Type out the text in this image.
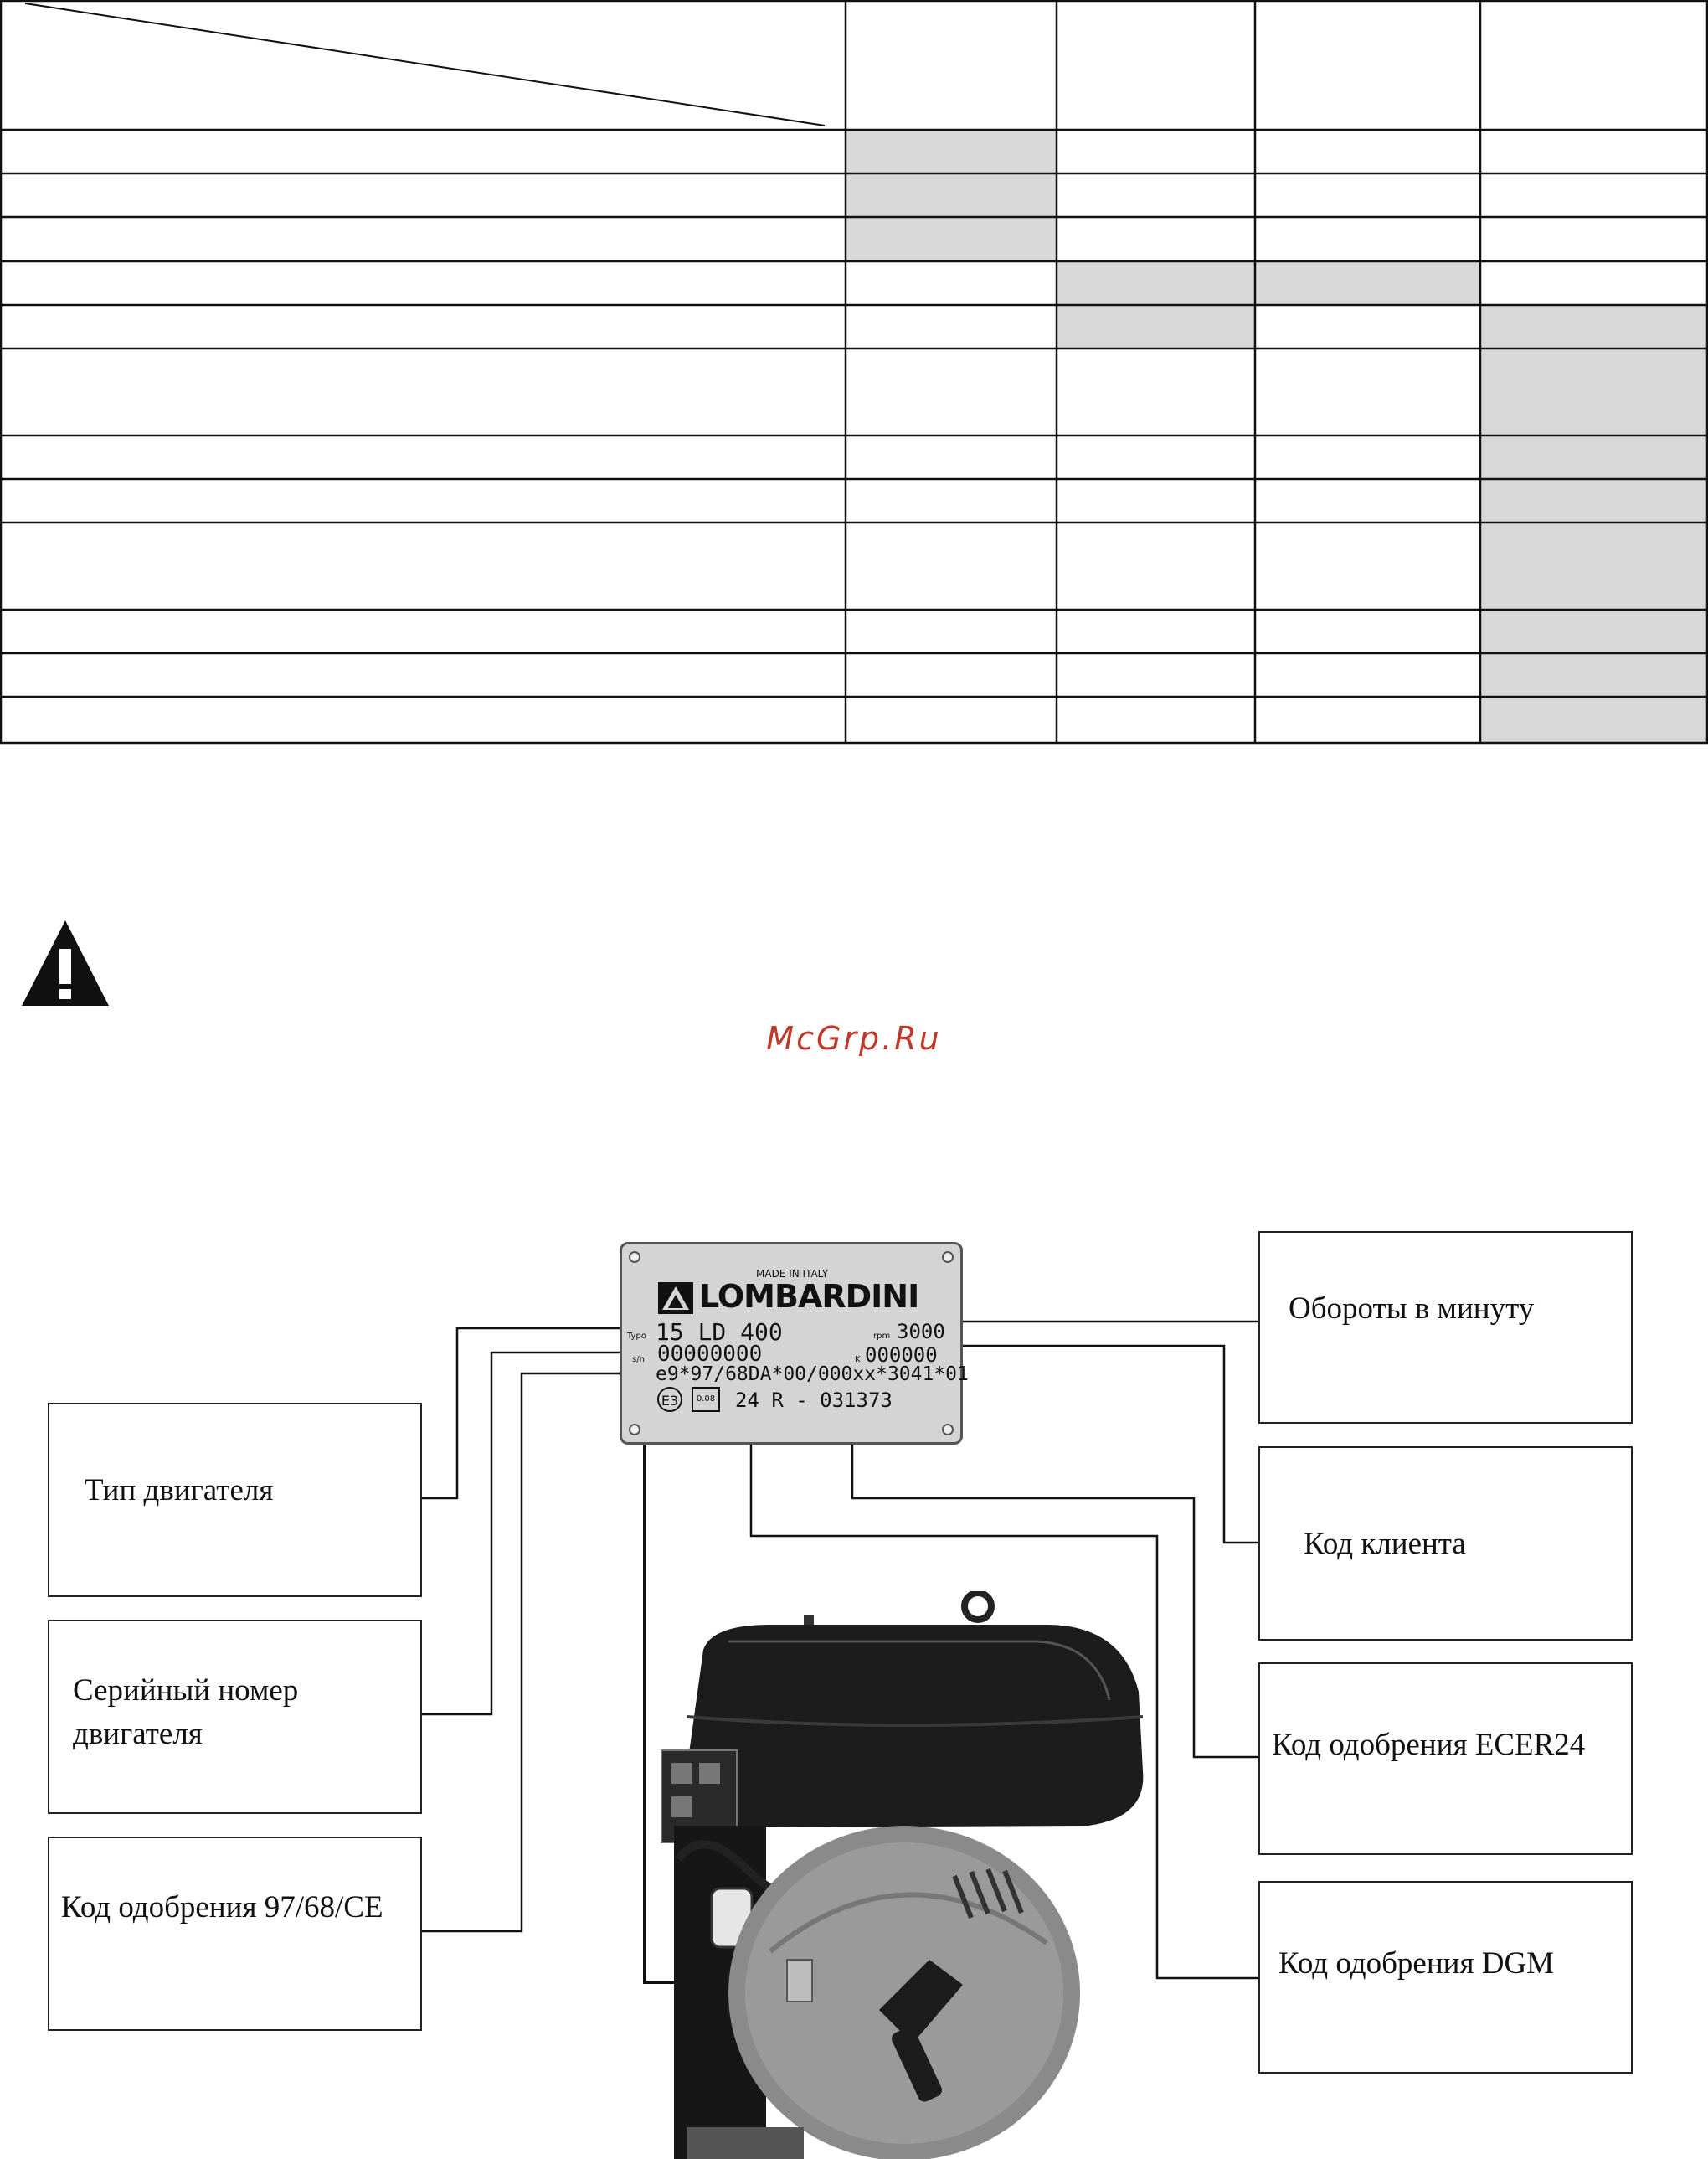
McGrp.Ru
MADE IN ITALY
LOMBARDINI
Typo 15 LD 400	rpm 3000
s/n 00000000	K 000000
e9*97/68DA*00/000xx*3041*01
E3	0.08 24 R - 031373
Тип двигателя
Серийный номер
двигателя
Код одобрения 97/68/CE
Обороты в минуту
Код клиента
Код одобрения ECER24
Код одобрения DGM
